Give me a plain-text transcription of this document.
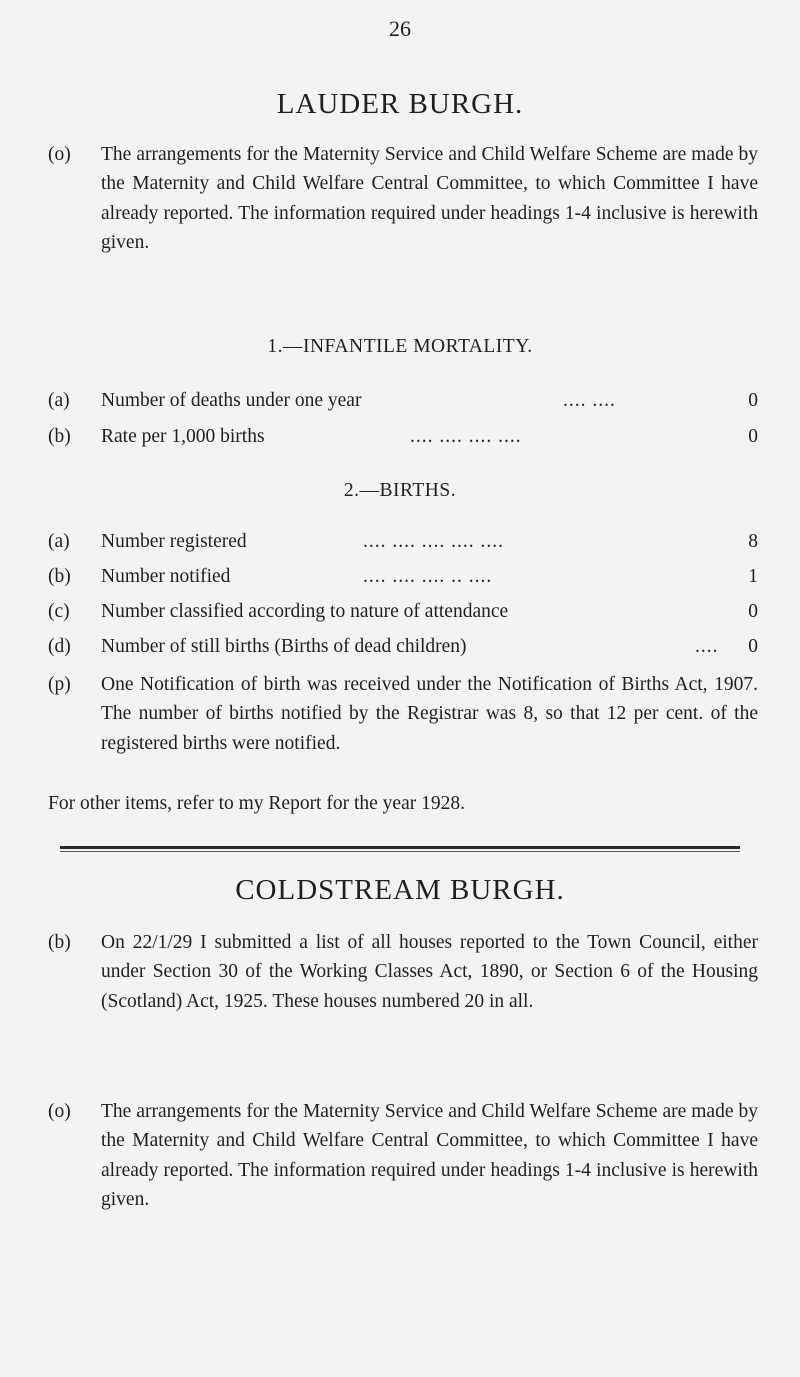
26
LAUDER BURGH.
(o) The arrangements for the Maternity Service and Child Welfare Scheme are made by the Maternity and Child Welfare Central Committee, to which Committee I have already reported. The information required under headings 1-4 inclusive is herewith given.
1.—INFANTILE MORTALITY.
(a) Number of deaths under one year	.... ....	0
(b) Rate per 1,000 births	.... .... .... ....	0
2.—BIRTHS.
(a) Number registered	.... .... .... .... ....	8
(b) Number notified	.... .... .... .. ....	1
(c) Number classified according to nature of attendance	0
(d) Number of still births (Births of dead children)	.... 0
(p) One Notification of birth was received under the Notification of Births Act, 1907. The number of births notified by the Registrar was 8, so that 12 per cent. of the registered births were notified.
For other items, refer to my Report for the year 1928.
COLDSTREAM BURGH.
(b) On 22/1/29 I submitted a list of all houses reported to the Town Council, either under Section 30 of the Working Classes Act, 1890, or Section 6 of the Housing (Scotland) Act, 1925. These houses numbered 20 in all.
(o) The arrangements for the Maternity Service and Child Welfare Scheme are made by the Maternity and Child Welfare Central Committee, to which Committee I have already reported. The information required under headings 1-4 inclusive is herewith given.
